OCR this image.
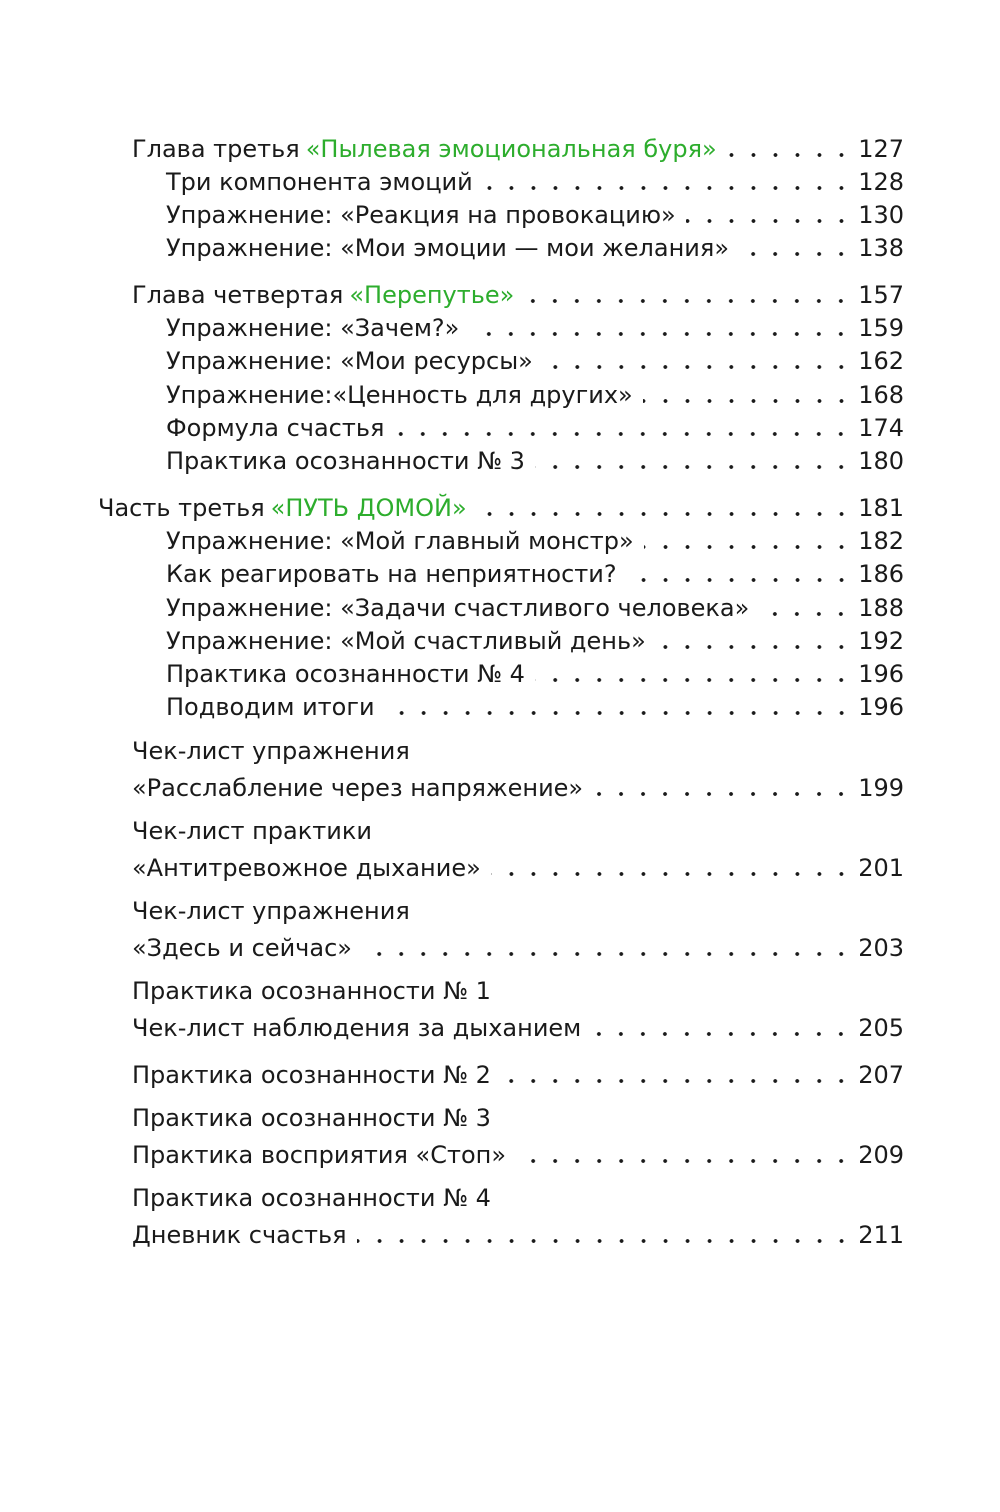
Глава третья «Пылевая эмоциональная буря»	127
Три компонента эмоций	128
Упражнение: «Реакция на провокацию»	130
Упражнение: «Мои эмоции — мои желания»	138
Глава четвертая «Перепутье»	157
Упражнение: «Зачем?»	159
Упражнение: «Мои ресурсы»	162
Упражнение:«Ценность для других»	168
Формула счастья	174
Практика осознанности № 3	180
Часть третья «ПУТЬ ДОМОЙ»	181
Упражнение: «Мой главный монстр»	182
Как реагировать на неприятности?	186
Упражнение: «Задачи счастливого человека»	188
Упражнение: «Мой счастливый день»	192
Практика осознанности № 4	196
Подводим итоги	196
Чек-лист упражнения
«Расслабление через напряжение»	199
Чек-лист практики
«Антитревожное дыхание»	201
Чек-лист упражнения
«Здесь и сейчас»	203
Практика осознанности № 1
Чек-лист наблюдения за дыханием	205
Практика осознанности № 2	207
Практика осознанности № 3
Практика восприятия «Стоп»	209
Практика осознанности № 4
Дневник счастья	211
